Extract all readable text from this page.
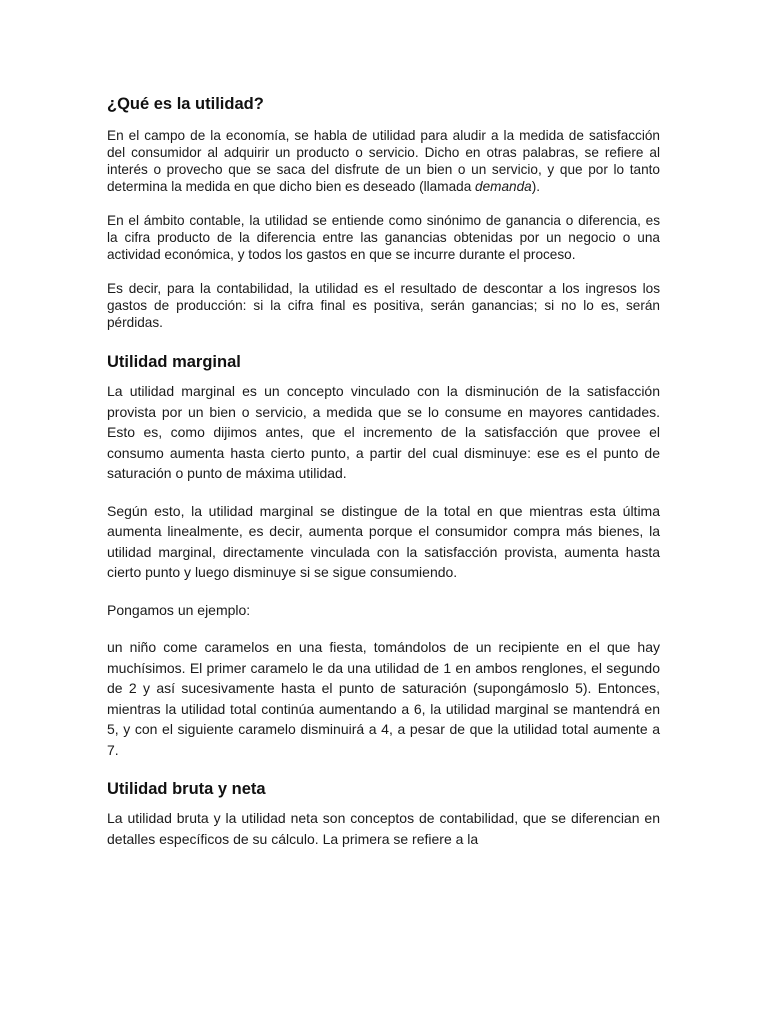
¿Qué es la utilidad?

En el campo de la economía, se habla de utilidad para aludir a la medida de satisfacción del consumidor al adquirir un producto o servicio. Dicho en otras palabras, se refiere al interés o provecho que se saca del disfrute de un bien o un servicio, y que por lo tanto determina la medida en que dicho bien es deseado (llamada demanda).

En el ámbito contable, la utilidad se entiende como sinónimo de ganancia o diferencia, es la cifra producto de la diferencia entre las ganancias obtenidas por un negocio o una actividad económica, y todos los gastos en que se incurre durante el proceso.

Es decir, para la contabilidad, la utilidad es el resultado de descontar a los ingresos los gastos de producción: si la cifra final es positiva, serán ganancias; si no lo es, serán pérdidas.

Utilidad marginal

La utilidad marginal es un concepto vinculado con la disminución de la satisfacción provista por un bien o servicio, a medida que se lo consume en mayores cantidades. Esto es, como dijimos antes, que el incremento de la satisfacción que provee el consumo aumenta hasta cierto punto, a partir del cual disminuye: ese es el punto de saturación o punto de máxima utilidad.

Según esto, la utilidad marginal se distingue de la total en que mientras esta última aumenta linealmente, es decir, aumenta porque el consumidor compra más bienes, la utilidad marginal, directamente vinculada con la satisfacción provista, aumenta hasta cierto punto y luego disminuye si se sigue consumiendo.

Pongamos un ejemplo:

un niño come caramelos en una fiesta, tomándolos de un recipiente en el que hay muchísimos. El primer caramelo le da una utilidad de 1 en ambos renglones, el segundo de 2 y así sucesivamente hasta el punto de saturación (supongámoslo 5). Entonces, mientras la utilidad total continúa aumentando a 6, la utilidad marginal se mantendrá en 5, y con el siguiente caramelo disminuirá a 4, a pesar de que la utilidad total aumente a 7.

Utilidad bruta y neta

La utilidad bruta y la utilidad neta son conceptos de contabilidad, que se diferencian en detalles específicos de su cálculo. La primera se refiere a la
